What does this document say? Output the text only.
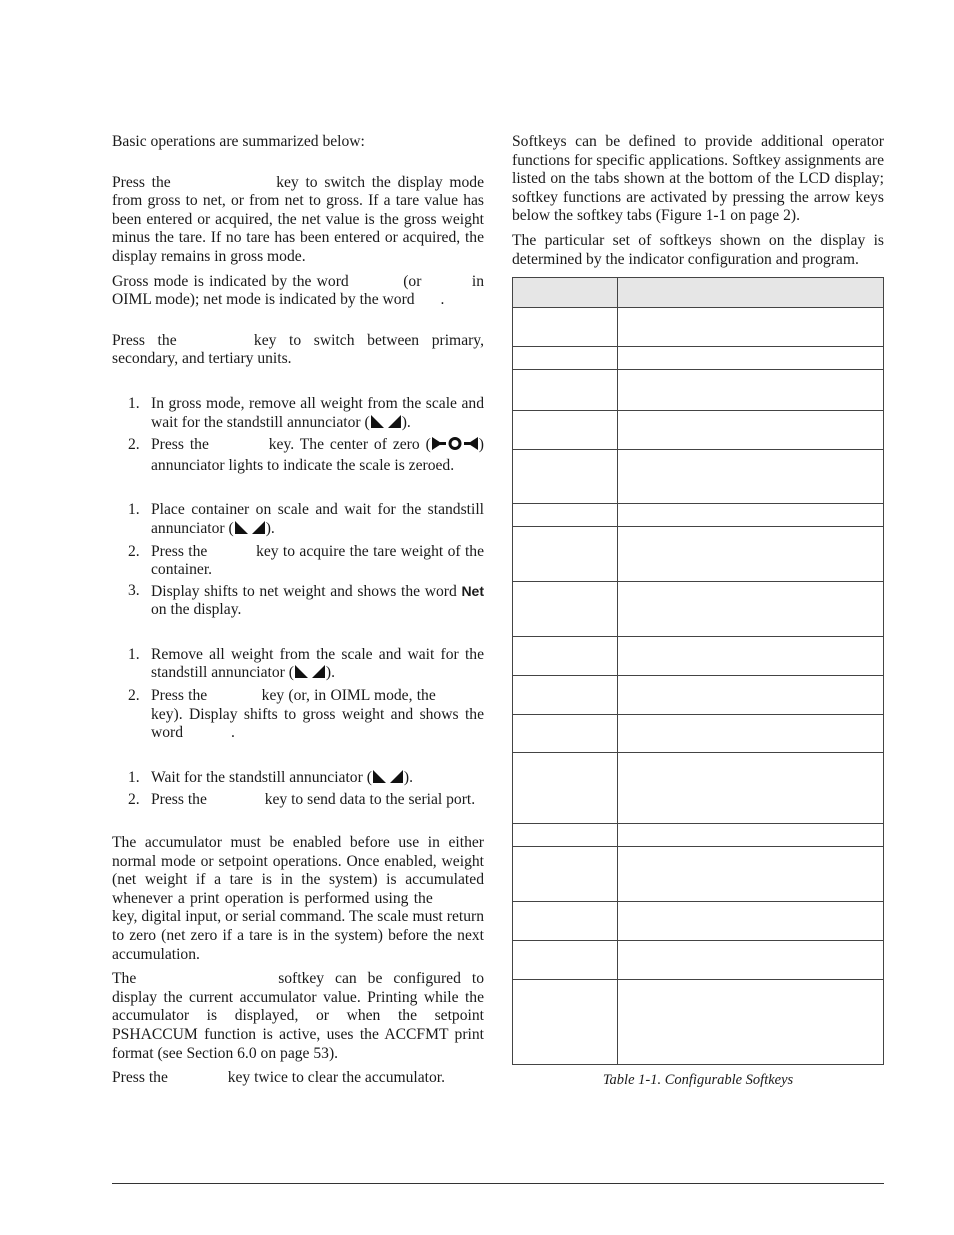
Basic operations are summarized below:

Press the	key to switch the display mode from gross to net, or from net to gross. If a tare value has been entered or acquired, the net value is the gross weight minus the tare. If no tare has been entered or acquired, the display remains in gross mode.

Gross mode is indicated by the word	(or	in OIML mode); net mode is indicated by the word .

Press the	key to switch between primary, secondary, and tertiary units.

1. In gross mode, remove all weight from the scale and wait for the standstill annunciator ( ).
2. Press the	key. The center of zero (	) annunciator lights to indicate the scale is zeroed.
1. Place container on scale and wait for the standstill annunciator ( ).
2. Press the	key to acquire the tare weight of the container.
3. Display shifts to net weight and shows the word Net on the display.
1. Remove all weight from the scale and wait for the standstill annunciator ( ).
2. Press the	key (or, in OIML mode, the key). Display shifts to gross weight and shows the word	.
1. Wait for the standstill annunciator ( ).
2. Press the	key to send data to the serial port.

The accumulator must be enabled before use in either normal mode or setpoint operations. Once enabled, weight (net weight if a tare is in the system) is accumulated whenever a print operation is performed using the  key, digital input, or serial command. The scale must return to zero (net zero if a tare is in the system) before the next accumulation.

The	softkey can be configured to display the current accumulator value. Printing while the accumulator is displayed, or when the setpoint PSHACCUM function is active, uses the ACCFMT print format (see Section 6.0 on page 53).

Press the	key twice to clear the accumulator.

Softkeys can be defined to provide additional operator functions for specific applications. Softkey assignments are listed on the tabs shown at the bottom of the LCD display; softkey functions are activated by pressing the arrow keys below the softkey tabs (Figure 1-1 on page 2).

The particular set of softkeys shown on the display is determined by the indicator configuration and program.

Table 1-1. Configurable Softkeys
